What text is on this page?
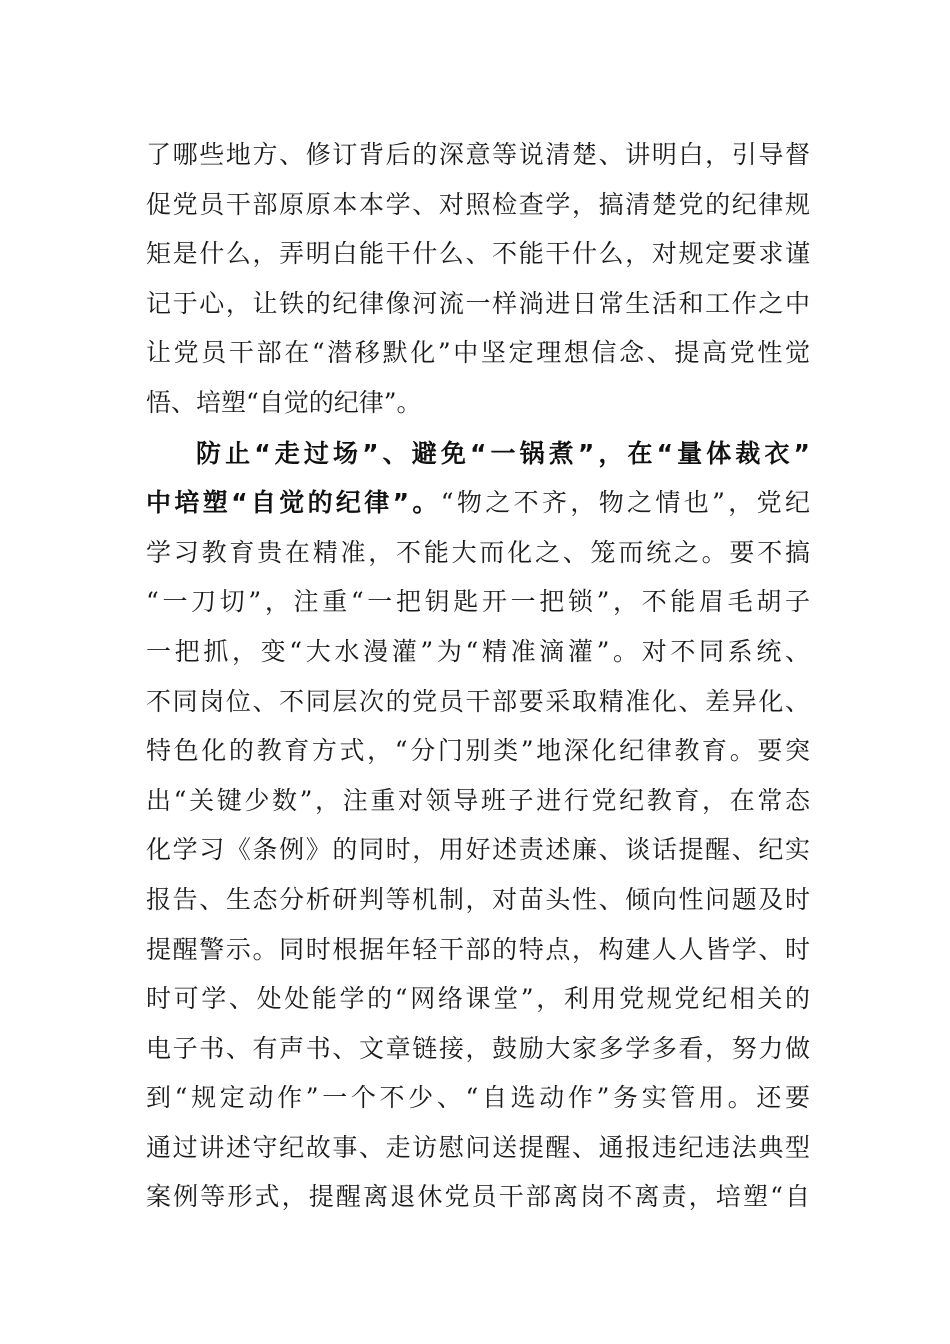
了哪些地方、修订背后的深意等说清楚、讲明白，引导督
促党员干部原原本本学、对照检查学，搞清楚党的纪律规
矩是什么，弄明白能干什么、不能干什么，对规定要求谨
记于心，让铁的纪律像河流一样淌进日常生活和工作之中
让党员干部在“潜移默化”中坚定理想信念、提高党性觉
悟、培塑“自觉的纪律”。
防止“走过场”、避免“一锅煮”，在“量体裁衣”
中培塑“自觉的纪律”。“物之不齐，物之情也”，党纪
学习教育贵在精准，不能大而化之、笼而统之。要不搞
“一刀切”，注重“一把钥匙开一把锁”，不能眉毛胡子
一把抓，变“大水漫灌”为“精准滴灌”。对不同系统、
不同岗位、不同层次的党员干部要采取精准化、差异化、
特色化的教育方式，“分门别类”地深化纪律教育。要突
出“关键少数”，注重对领导班子进行党纪教育，在常态
化学习《条例》的同时，用好述责述廉、谈话提醒、纪实
报告、生态分析研判等机制，对苗头性、倾向性问题及时
提醒警示。同时根据年轻干部的特点，构建人人皆学、时
时可学、处处能学的“网络课堂”，利用党规党纪相关的
电子书、有声书、文章链接，鼓励大家多学多看，努力做
到“规定动作”一个不少、“自选动作”务实管用。还要
通过讲述守纪故事、走访慰问送提醒、通报违纪违法典型
案例等形式，提醒离退休党员干部离岗不离责，培塑“自
